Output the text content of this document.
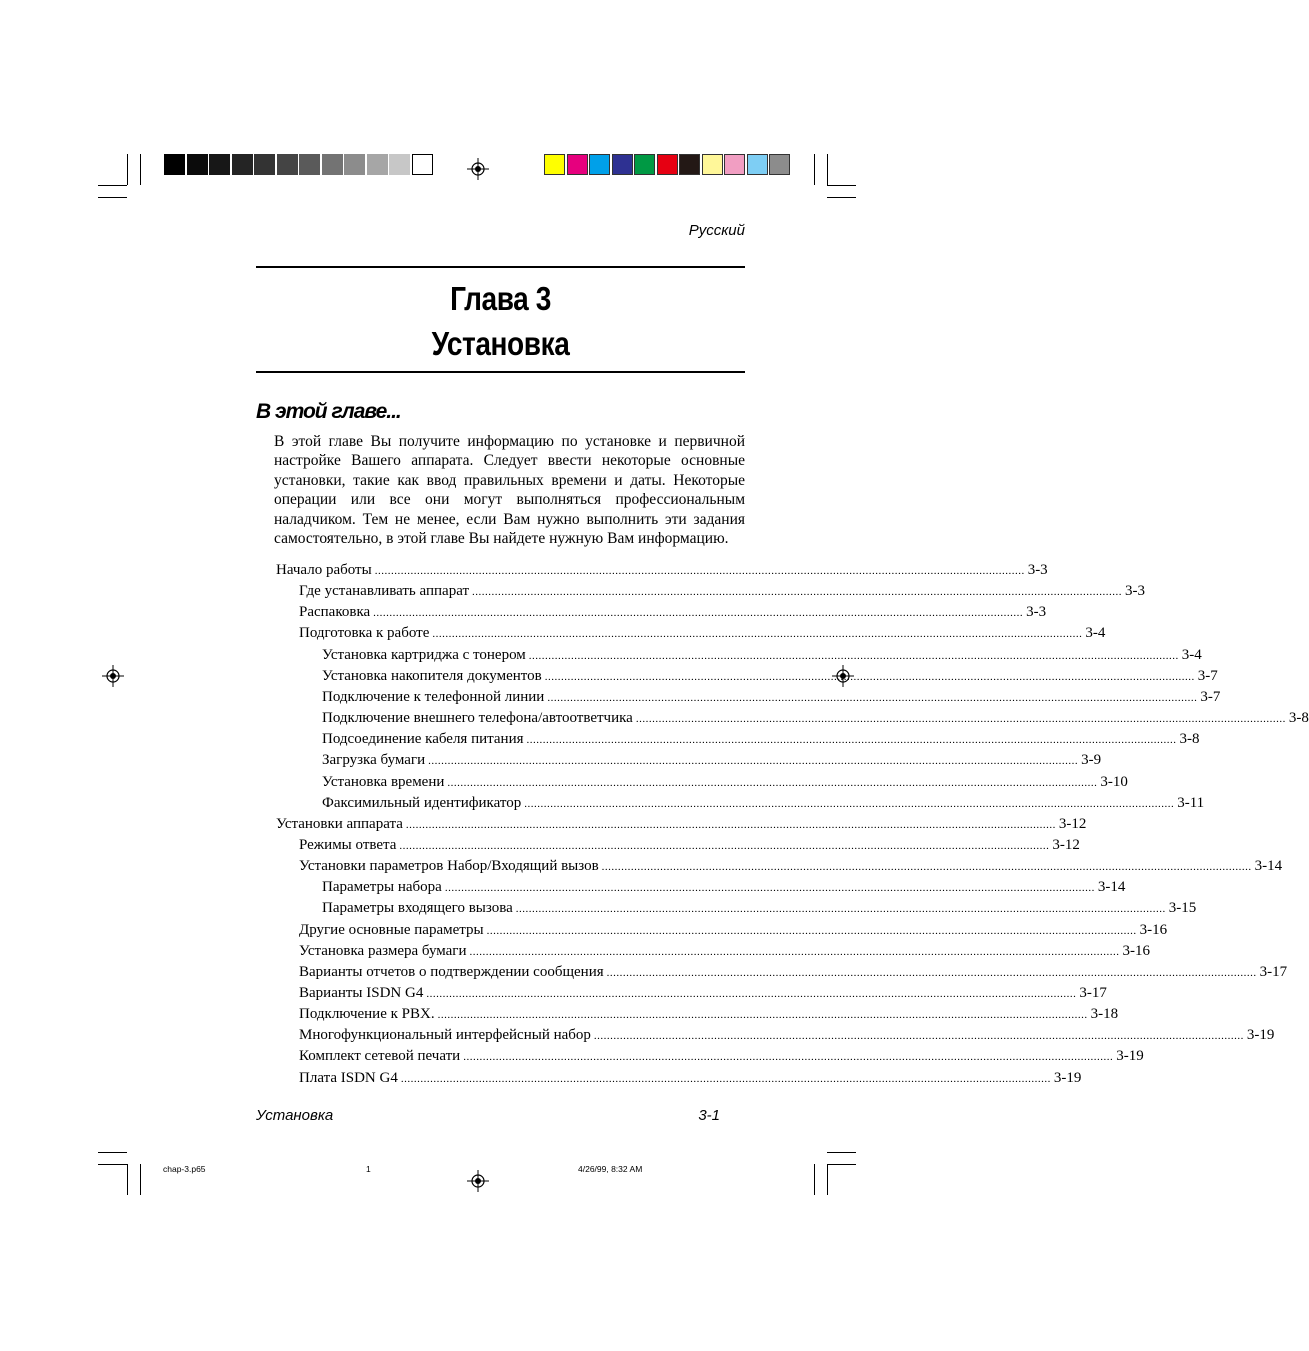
Русский
Глава 3
Установка
В этой главе...

В этой главе Вы получите информацию по установке и первичной настройке Вашего аппарата. Следует ввести некоторые основные установки, такие как ввод правильных времени и даты. Некоторые операции или все они могут выполняться профессиональным наладчиком. Тем не менее, если Вам нужно выполнить эти задания самостоятельно, в этой главе Вы найдете нужную Вам информацию.

Начало работы ........................................................................................................................................................................................................ 3-3
Где устанавливать аппарат ........................................................................................................................................................................................................ 3-3
Распаковка ........................................................................................................................................................................................................ 3-3
Подготовка к работе ........................................................................................................................................................................................................ 3-4
Установка картриджа с тонером ........................................................................................................................................................................................................ 3-4
Установка накопителя документов ........................................................................................................................................................................................................ 3-7
Подключение к телефонной линии ........................................................................................................................................................................................................ 3-7
Подключение внешнего телефона/автоответчика ........................................................................................................................................................................................................ 3-8
Подсоединение кабеля питания ........................................................................................................................................................................................................ 3-8
Загрузка бумаги ........................................................................................................................................................................................................ 3-9
Установка времени ........................................................................................................................................................................................................ 3-10
Факсимильный идентификатор ........................................................................................................................................................................................................ 3-11
Установки аппарата ........................................................................................................................................................................................................ 3-12
Режимы ответа ........................................................................................................................................................................................................ 3-12
Установки параметров Набор/Входящий вызов ........................................................................................................................................................................................................ 3-14
Параметры набора ........................................................................................................................................................................................................ 3-14
Параметры входящего вызова ........................................................................................................................................................................................................ 3-15
Другие основные параметры ........................................................................................................................................................................................................ 3-16
Установка размера бумаги ........................................................................................................................................................................................................ 3-16
Варианты отчетов о подтверждении сообщения ........................................................................................................................................................................................................ 3-17
Варианты ISDN G4 ........................................................................................................................................................................................................ 3-17
Подключение к PBX. ........................................................................................................................................................................................................ 3-18
Многофункциональный интерфейсный набор ........................................................................................................................................................................................................ 3-19
Комплект сетевой печати ........................................................................................................................................................................................................ 3-19
Плата ISDN G4 ........................................................................................................................................................................................................ 3-19
Установка	3-1
chap-3.p65	1	4/26/99, 8:32 AM
